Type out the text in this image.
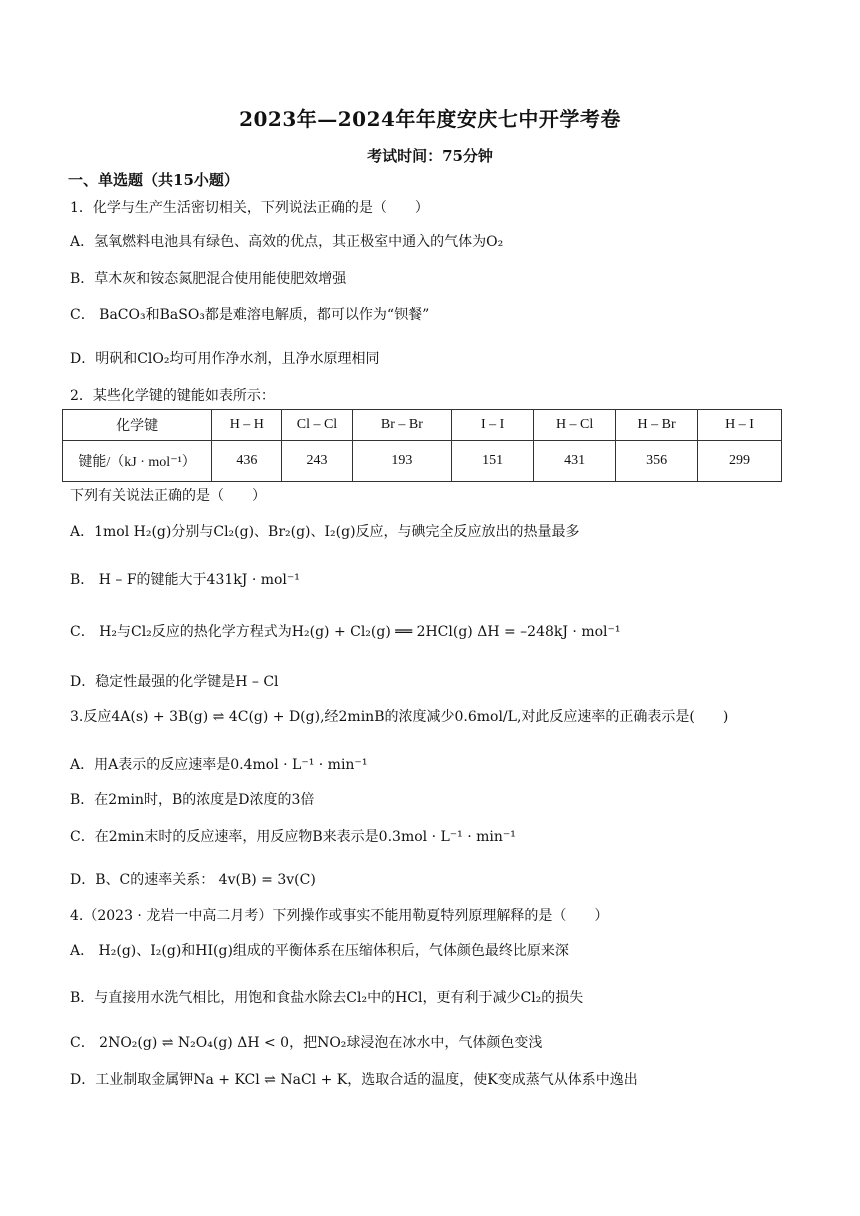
2023年—2024年年度安庆七中开学考卷
考试时间：75分钟
一、单选题（共15小题）
1．化学与生产生活密切相关，下列说法正确的是（　　）
A．氢氧燃料电池具有绿色、高效的优点，其正极室中通入的气体为O₂
B．草木灰和铵态氮肥混合使用能使肥效增强
C． BaCO₃和BaSO₃都是难溶电解质，都可以作为“钡餐”
D．明矾和ClO₂均可用作净水剂，且净水原理相同
2．某些化学键的键能如表所示：
化学键	H – H	Cl – Cl	Br – Br	I – I	H – Cl	H – Br	H – I
键能/（kJ · mol⁻¹）	436	243	193	151	431	356	299
下列有关说法正确的是（　　）
A．1mol H₂(g)分别与Cl₂(g)、Br₂(g)、I₂(g)反应，与碘完全反应放出的热量最多
B． H – F的键能大于431kJ · mol⁻¹
C． H₂与Cl₂反应的热化学方程式为H₂(g) + Cl₂(g) ══ 2HCl(g) ΔH = –248kJ · mol⁻¹
D．稳定性最强的化学键是H – Cl
3.反应4A(s) + 3B(g) ⇌ 4C(g) + D(g),经2minB的浓度减少0.6mol/L,对此反应速率的正确表示是(　　)
A．用A表示的反应速率是0.4mol · L⁻¹ · min⁻¹
B．在2min时，B的浓度是D浓度的3倍
C．在2min末时的反应速率，用反应物B来表示是0.3mol · L⁻¹ · min⁻¹
D．B、C的速率关系： 4v(B) = 3v(C)
4.（2023 · 龙岩一中高二月考）下列操作或事实不能用勒夏特列原理解释的是（　　）
A． H₂(g)、I₂(g)和HI(g)组成的平衡体系在压缩体积后，气体颜色最终比原来深
B．与直接用水洗气相比，用饱和食盐水除去Cl₂中的HCl，更有利于减少Cl₂的损失
C． 2NO₂(g) ⇌ N₂O₄(g) ΔH < 0，把NO₂球浸泡在冰水中，气体颜色变浅
D．工业制取金属钾Na + KCl ⇌ NaCl + K，选取合适的温度，使K变成蒸气从体系中逸出
